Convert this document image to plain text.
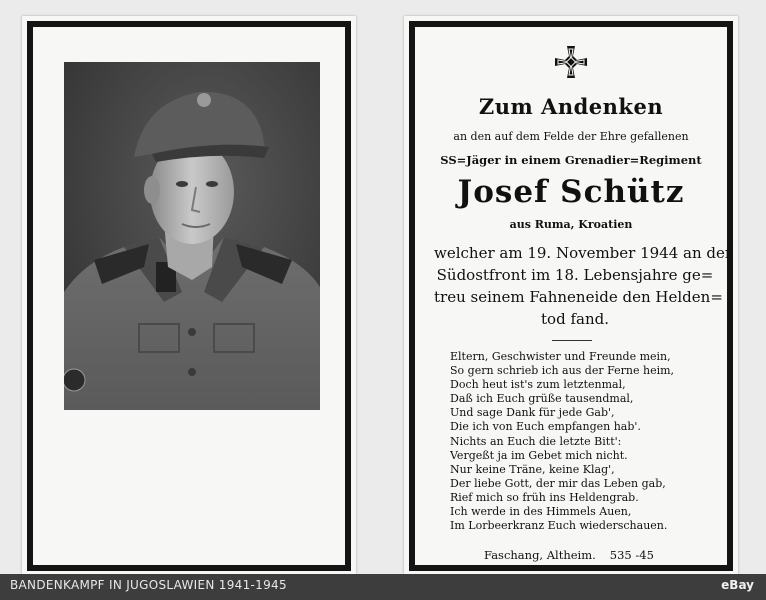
Zum Andenken
an den auf dem Felde der Ehre gefallenen
SS=Jäger in einem Grenadier=Regiment
Josef Schütz
aus Ruma, Kroatien
welcher am 19. November 1944 an der
Südostfront im 18. Lebensjahre ge=
treu seinem Fahneneide den Helden=
tod fand.
Eltern, Geschwister und Freunde mein,
So gern schrieb ich aus der Ferne heim,
Doch heut ist's zum letztenmal,
Daß ich Euch grüße tausendmal,
Und sage Dank für jede Gab',
Die ich von Euch empfangen hab'.
Nichts an Euch die letzte Bitt':
Vergeßt ja im Gebet mich nicht.
Nur keine Träne, keine Klag',
Der liebe Gott, der mir das Leben gab,
Rief mich so früh ins Heldengrab.
Ich werde in des Himmels Auen,
Im Lorbeerkranz Euch wiederschauen.
Faschang, Altheim. 535 -45
BANDENKAMPF IN JUGOSLAWIEN 1941-1945	eBay
